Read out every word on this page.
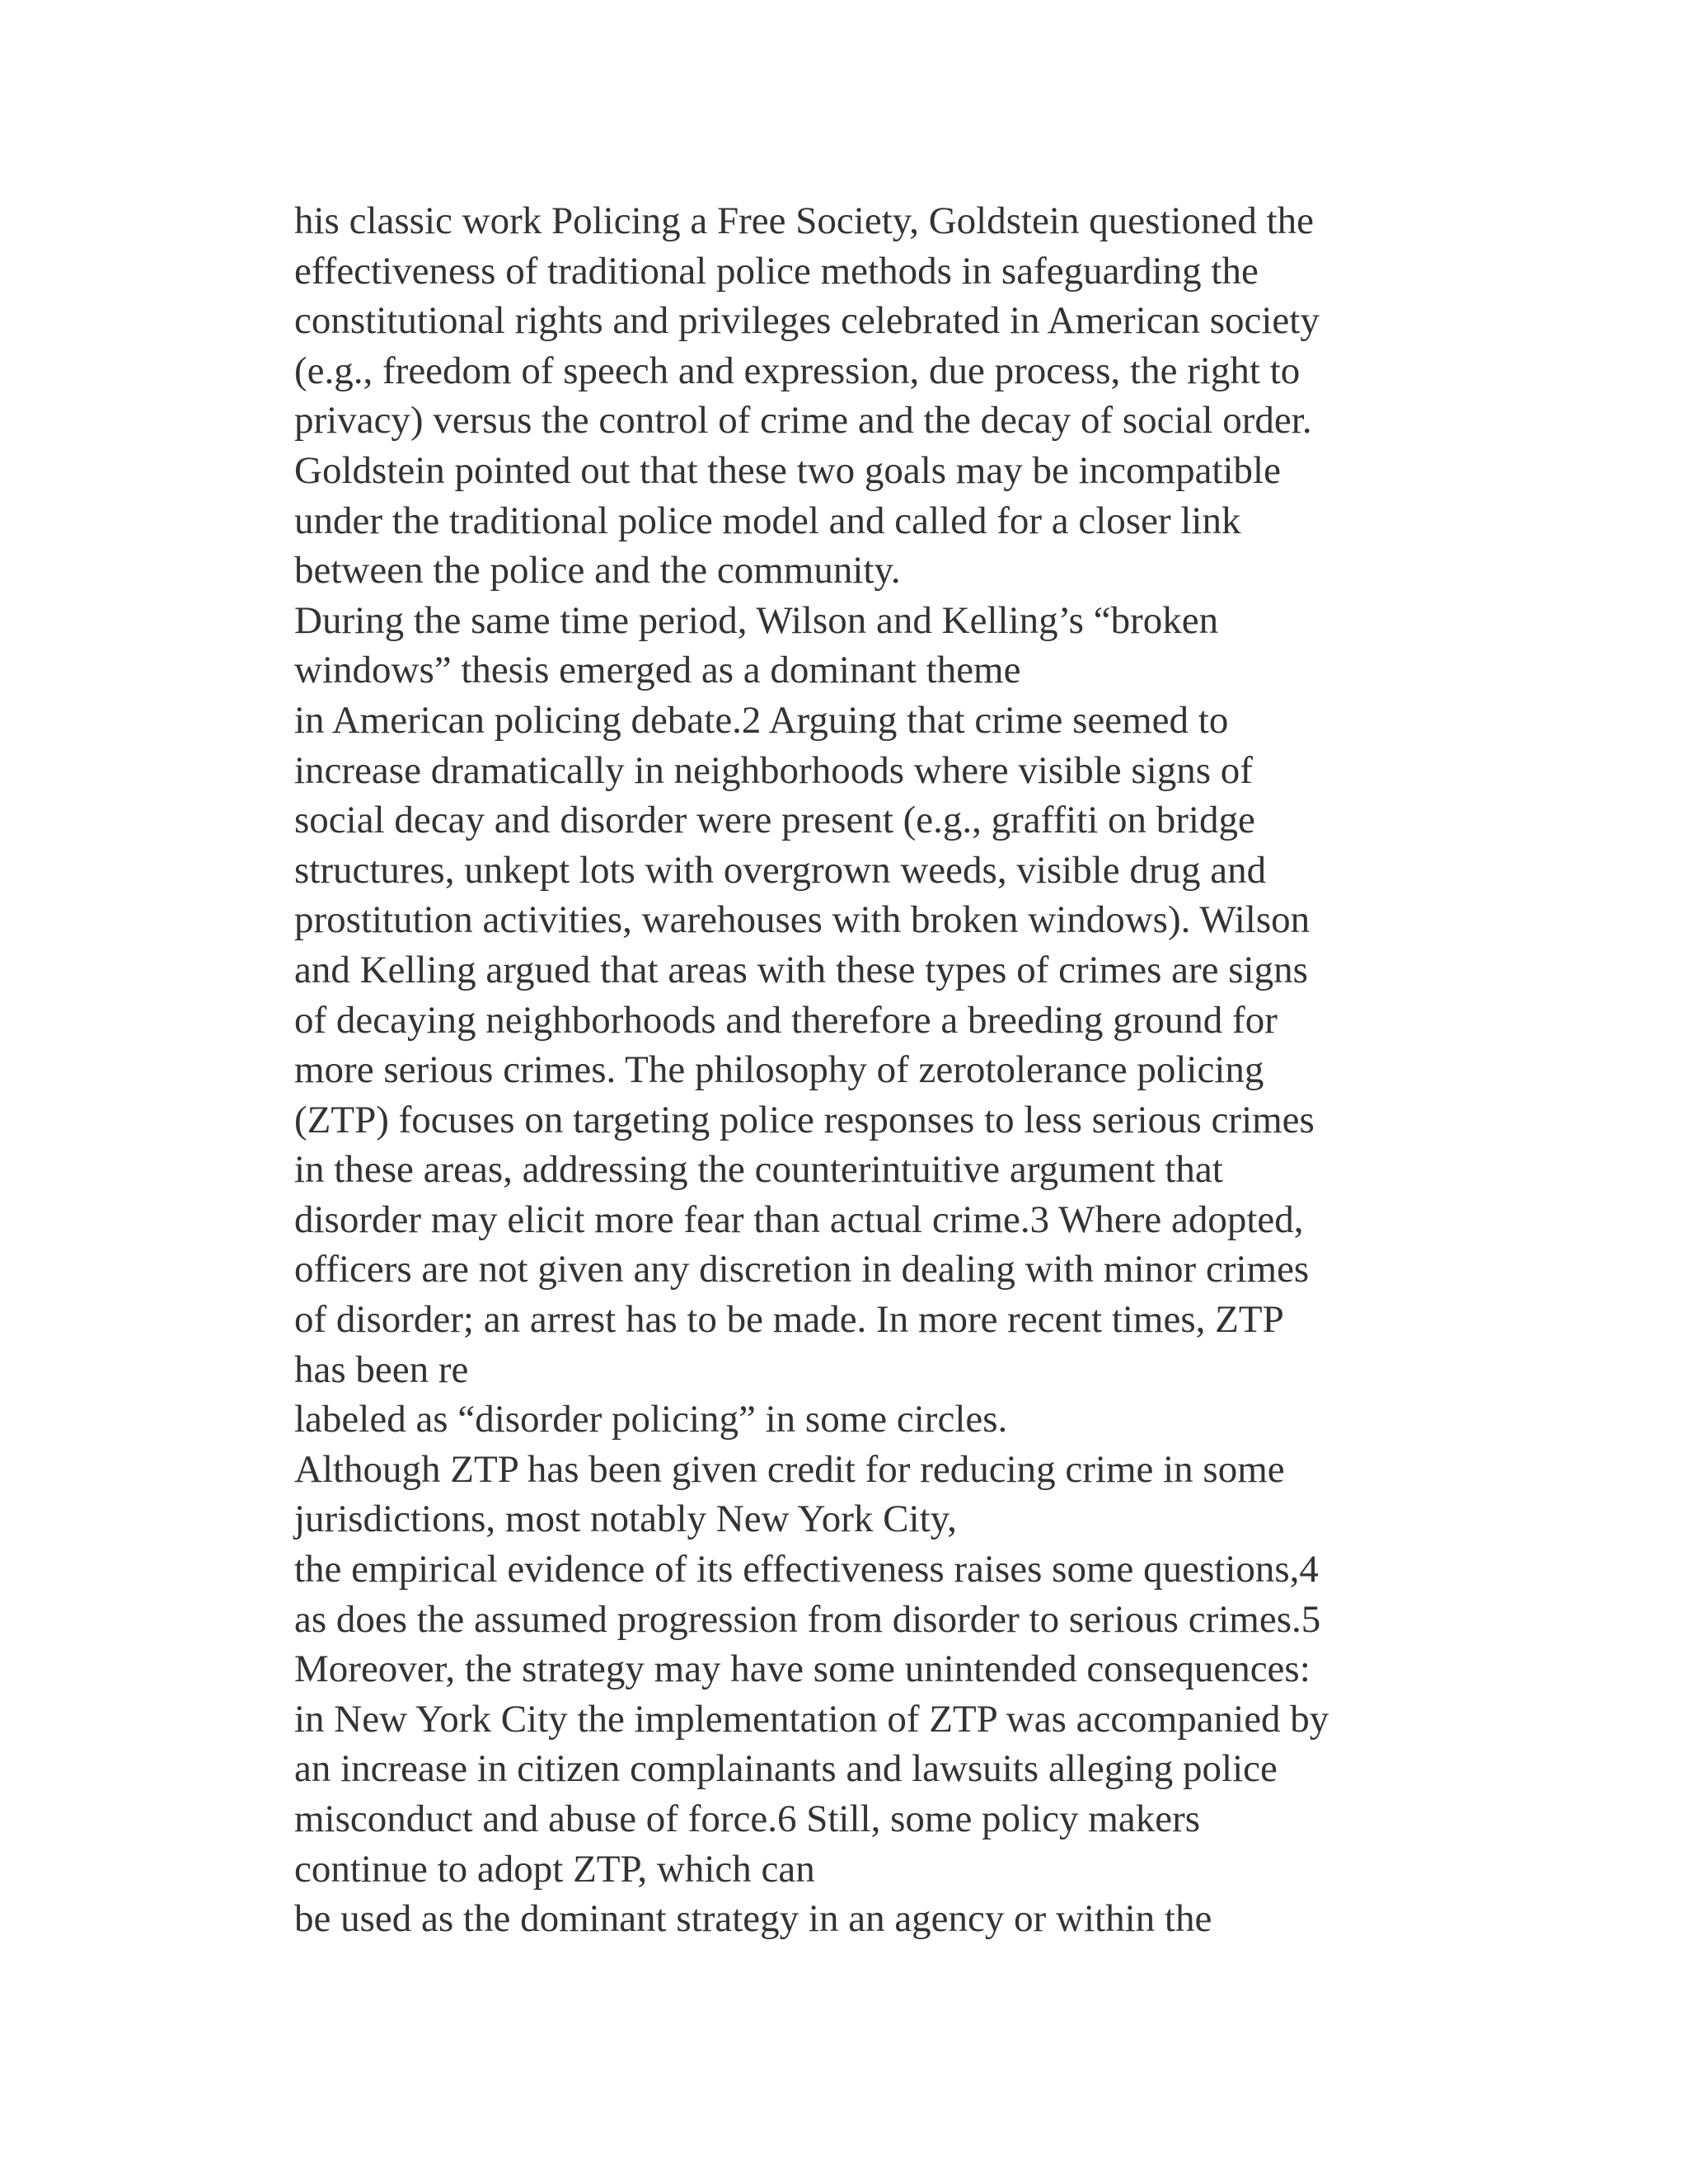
his classic work Policing a Free Society, Goldstein questioned the
effectiveness of traditional police methods in safeguarding the
constitutional rights and privileges celebrated in American society
(e.g., freedom of speech and expression, due process, the right to
privacy) versus the control of crime and the decay of social order.
Goldstein pointed out that these two goals may be incompatible
under the traditional police model and called for a closer link
between the police and the community.
During the same time period, Wilson and Kelling’s “broken
windows” thesis emerged as a dominant theme
in American policing debate.2 Arguing that crime seemed to
increase dramatically in neighborhoods where visible signs of
social decay and disorder were present (e.g., graffiti on bridge
structures, unkept lots with overgrown weeds, visible drug and
prostitution activities, warehouses with broken windows). Wilson
and Kelling argued that areas with these types of crimes are signs
of decaying neighborhoods and therefore a breeding ground for
more serious crimes. The philosophy of zerotolerance policing
(ZTP) focuses on targeting police responses to less serious crimes
in these areas, addressing the counterintuitive argument that
disorder may elicit more fear than actual crime.3 Where adopted,
officers are not given any discretion in dealing with minor crimes
of disorder; an arrest has to be made. In more recent times, ZTP
has been re
labeled as “disorder policing” in some circles.
Although ZTP has been given credit for reducing crime in some
jurisdictions, most notably New York City,
the empirical evidence of its effectiveness raises some questions,4
as does the assumed progression from disorder to serious crimes.5
Moreover, the strategy may have some unintended consequences:
in New York City the implementation of ZTP was accompanied by
an increase in citizen complainants and lawsuits alleging police
misconduct and abuse of force.6 Still, some policy makers
continue to adopt ZTP, which can
be used as the dominant strategy in an agency or within the
